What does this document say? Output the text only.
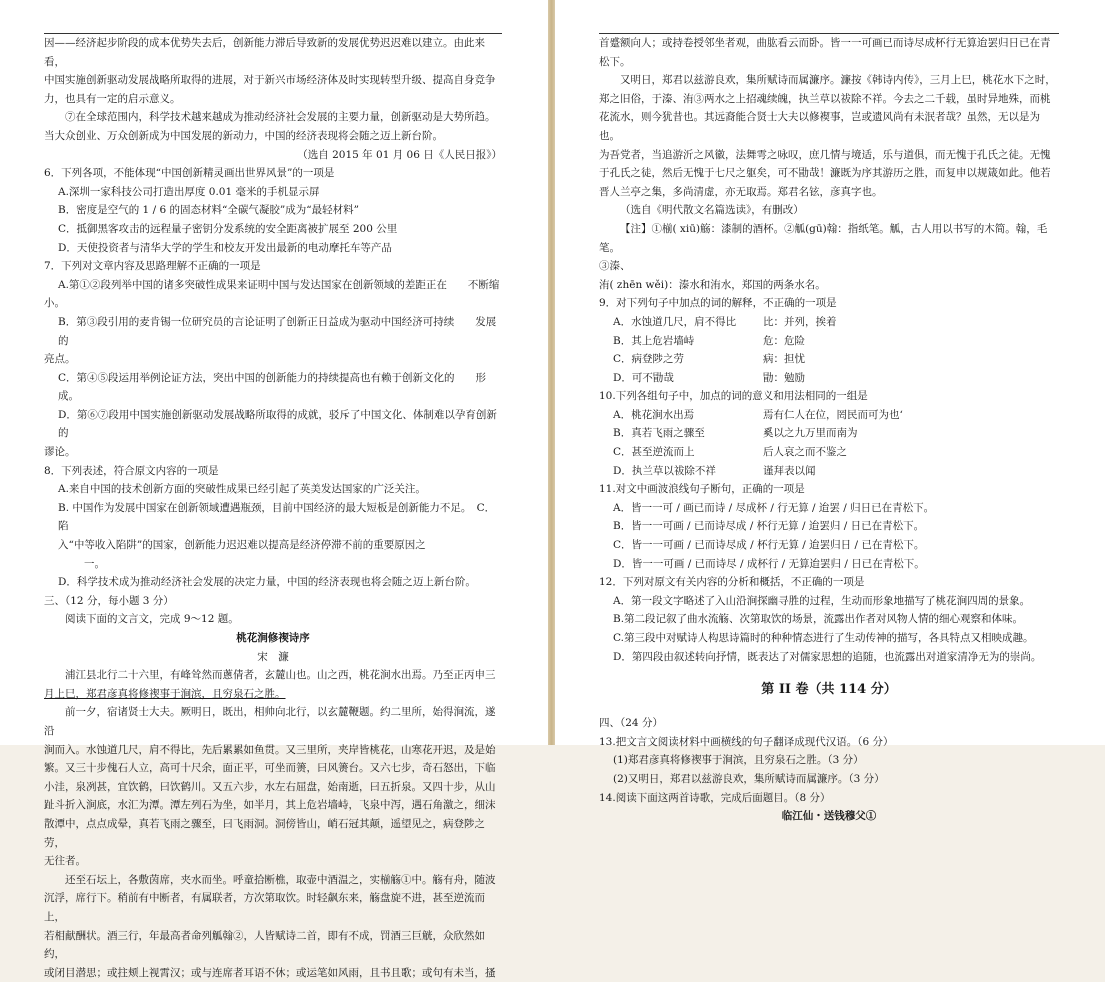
因——经济起步阶段的成本优势失去后，创新能力滞后导致新的发展优势迟迟难以建立。由此来看，

中国实施创新驱动发展战略所取得的进展，对于新兴市场经济体及时实现转型升级、提高自身竞争

力，也具有一定的启示意义。

⑦在全球范围内，科学技术越来越成为推动经济社会发展的主要力量，创新驱动是大势所趋。

当大众创业、万众创新成为中国发展的新动力，中国的经济表现将会随之迈上新台阶。

（选自 2015 年 01 月 06 日《人民日报》）

6．下列各项，不能体现“中国创新精灵画出世界风景”的一项是

A.深圳一家科技公司打造出厚度 0.01 毫米的手机显示屏

B．密度是空气的 1 / 6 的固态材料“全碳气凝胶”成为“最轻材料”

C．抵御黑客攻击的远程量子密钥分发系统的安全距离被扩展至 200 公里

D．天使投资者与清华大学的学生和校友开发出最新的电动摩托车等产品

7．下列对文章内容及思路理解不正确的一项是

A.第①②段列举中国的诸多突破性成果来证明中国与发达国家在创新领域的差距正在　　不断缩

小。

B．第③段引用的麦肯锡一位研究员的言论证明了创新正日益成为驱动中国经济可持续　　发展的

亮点。

C．第④⑤段运用举例论证方法，突出中国的创新能力的持续提高也有赖于创新文化的　　形成。

D．第⑥⑦段用中国实施创新驱动发展战略所取得的成就，驳斥了中国文化、体制难以孕育创新的

谬论。

8．下列表述，符合原文内容的一项是

A.来自中国的技术创新方面的突破性成果已经引起了英美发达国家的广泛关注。

B. 中国作为发展中国家在创新领域遭遇瓶颈，目前中国经济的最大短板是创新能力不足。　C．陷

入“中等收入陷阱”的国家，创新能力迟迟难以提高是经济停滞不前的重要原因之

一。

D．科学技术成为推动经济社会发展的决定力量，中国的经济表现也将会随之迈上新台阶。

三、（12 分，每小题 3 分）

阅读下面的文言文，完成 9～12 题。

桃花涧修禊诗序

宋　濂

浦江县北行二十六里，有峰耸然而蔥倩者，玄麓山也。山之西，桃花涧水出焉。乃至正丙申三

月上巳，郑君彦真将修禊事于涧滨，且穷泉石之胜。

前一夕，宿诸贤士大夫。厥明日，既出，相帅向北行，以玄麓鞭题。约二里所，始得涧流，遂沿

涧而入。水蚀道几尺，肩不得比，先后累累如鱼贯。又三里所，夹岸皆桃花，山寒花开迟，及是始

繁。又三十步傀石人立，高可十尺余，面正平，可坐而箦，曰风箦台。又六七步，奇石怒出，下临

小洼，泉冽甚，宜饮鹤，曰饮鹤川。又五六步，水左右屈盘，始南逝，曰五折泉。又四十步，从山

趾斗折入涧底，水汇为潭。潭左列石为坐，如半月，其上危岩墙峙，飞泉中泻，遇石角激之，细沫

散潭中，点点成晕，真若飞雨之骤至，曰飞雨洞。洞傍皆山，峭石冠其颠，遥望见之，病登陟之劳，

无往者。

还至石坛上，各敷茵席，夹水而坐。呼童拾断樵，取壶中酒温之，实椾觞①中。觞有舟，随波

沉浮，席行下。稍前有中断者，有属联者，方次第取饮。时轻飙东来，觞盘旋不进，甚至逆流而上，

若相献酬状。酒三行，年最高者命列觚翰②，人皆赋诗二首，即有不成，罚酒三巨觥，众欣然如约，

或闭目潜思；或拄颊上视霄汉；或与连席者耳语不休；或运笔如风雨，且书且歌；或句有未当，搔

首蹙额向人；或持卷授邻坐者观，曲肱看云而卧。皆一一可画已而诗尽成杯行无算迨罢归日已在青

松下。

又明日，郑君以兹游良欢，集所赋诗而属濂序。濂按《韩诗内传》，三月上巳，桃花水下之时，

郑之旧俗，于溱、洧③两水之上招魂续魄，执兰草以祓除不祥。今去之二千载，虽时异地殊，而桃

花流水，则今犹昔也。其远裔能合贤士大夫以修褉事，岂或遗风尚有未泯者哉？虽然，无以是为也。

为吾党者，当追游沂之风徽，法舞雩之咏叹，庶几情与境适，乐与道俱，而无愧于孔氏之徒。无愧

于孔氏之徒，然后无愧于七尺之躯矣，可不勖哉！濂既为序其游历之胜，而复申以规箴如此。他若

晋人兰亭之集，多尚清虚，亦无取焉。郑君名铉，彦真字也。

（选自《明代散文名篇选读》，有删改）

【注】①椾( xiū)觞：漆制的酒杯。②觚(gū)翰：指纸笔。觚，古人用以书写的木简。翰，毛笔。

③溱、

洧( zhēn wěi)：溱水和洧水，郑国的两条水名。

9．对下列句子中加点的词的解释，不正确的一项是

A．水蚀道几尺，肩不得比	比：并列，挨着
B．其上危岩墙峙	危：危险
C．病登陟之劳	病：担忧
D．可不勖哉	勖：勉励

10.下列各组句子中，加点的词的意义和用法相同的一组是

A．桃花涧水出焉	焉有仁人在位，罔民而可为也‘
B．真若飞雨之骤至	奚以之九万里而南为
C．甚至逆流而上	后人哀之而不鉴之
D．执兰草以祓除不祥	谨拜表以闻

11.对文中画波浪线句子断句，正确的一项是

A．皆一一可 / 画已而诗 / 尽成杯 / 行无算 / 迨罢 / 归日已在青松下。

B．皆一一可画 / 已而诗尽成 / 杯行无算 / 迨罢归 / 日已在青松下。

C．皆一一可画 / 已而诗尽成 / 杯行无算 / 迨罢归日 / 已在青松下。

D．皆一一可画 / 已而诗尽 / 成杯行 / 无算迨罢归 / 日已在青松下。

12．下列对原文有关内容的分析和概括，不正确的一项是

A．第一段文字略述了入山沿涧探幽寻胜的过程，生动而形象地描写了桃花涧四周的景象。

B.第二段记叙了曲水流觞、次第取饮的场景，流露出作者对风物人情的细心观察和体味。

C.第三段中对赋诗人构思诗篇时的种种情态进行了生动传神的描写，各具特点又相映成趣。

D．第四段由叙述转向抒情，既表达了对儒家思想的追随，也流露出对道家清净无为的崇尚。

第 II 卷（共 114 分）

四、（24 分）

13.把文言文阅读材料中画横线的句子翻译成现代汉语。（6 分）

(1)郑君彦真将修禊事于涧滨，且穷泉石之胜。（3 分）

(2)又明日，郑君以兹游良欢，集所赋诗而属濂序。（3 分）

14.阅读下面这两首诗歌，完成后面题目。（8 分）

临江仙・送钱穆父①
